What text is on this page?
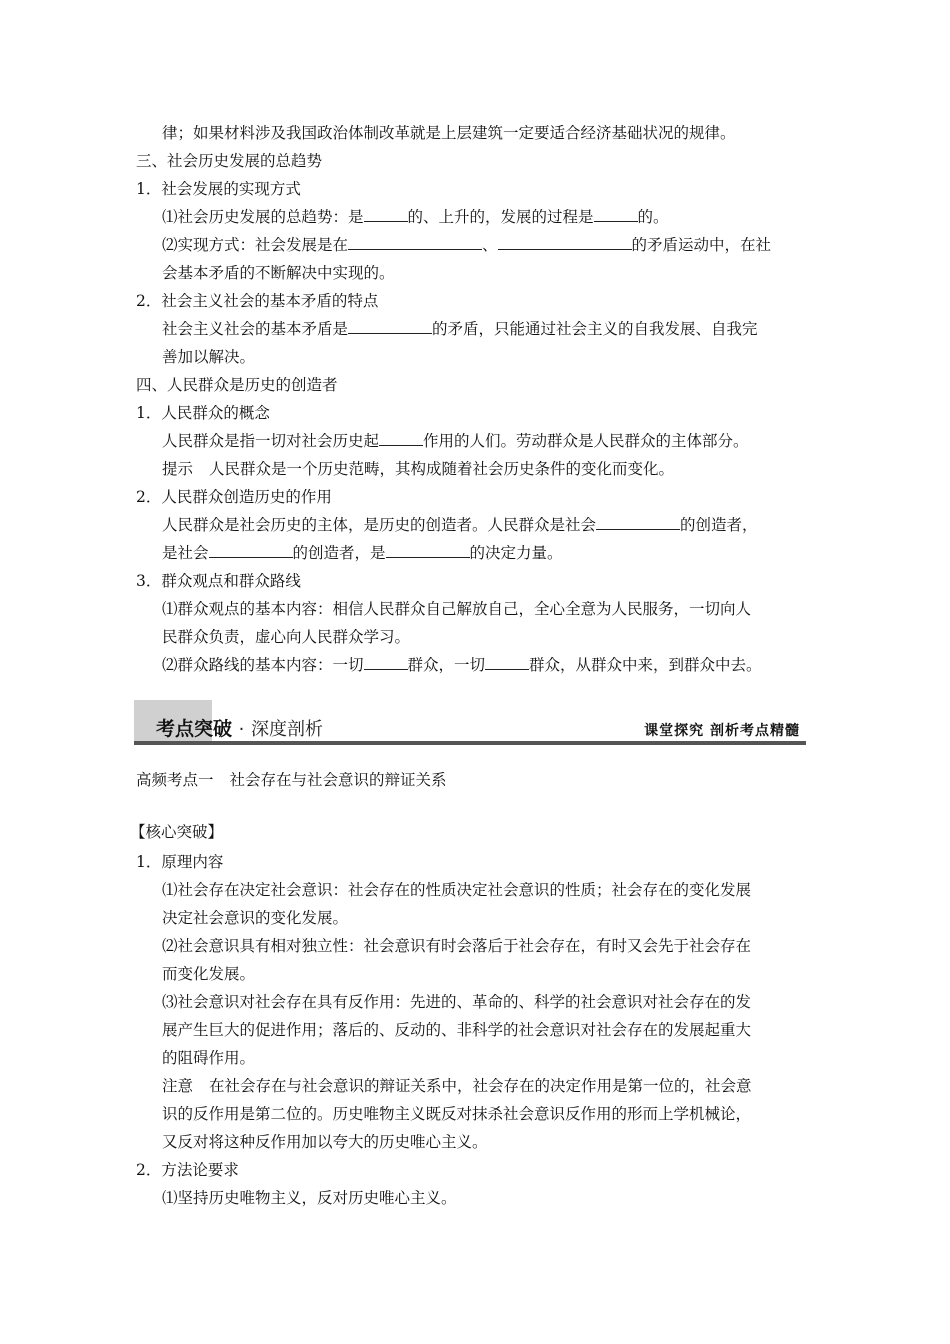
律；如果材料涉及我国政治体制改革就是上层建筑一定要适合经济基础状况的规律。
三、社会历史发展的总趋势
1．社会发展的实现方式
⑴社会历史发展的总趋势：是	的、上升的，发展的过程是	的。
⑵实现方式：社会发展是在	、	的矛盾运动中，在社
会基本矛盾的不断解决中实现的。
2．社会主义社会的基本矛盾的特点
社会主义社会的基本矛盾是	的矛盾，只能通过社会主义的自我发展、自我完
善加以解决。
四、人民群众是历史的创造者
1．人民群众的概念
人民群众是指一切对社会历史起	作用的人们。劳动群众是人民群众的主体部分。
提示 人民群众是一个历史范畴，其构成随着社会历史条件的变化而变化。
2．人民群众创造历史的作用
人民群众是社会历史的主体，是历史的创造者。人民群众是社会	的创造者，
是社会	的创造者，是	的决定力量。
3．群众观点和群众路线
⑴群众观点的基本内容：相信人民群众自己解放自己，全心全意为人民服务，一切向人
民群众负责，虚心向人民群众学习。
⑵群众路线的基本内容：一切	群众，一切	群众，从群众中来，到群众中去。
考点突破 · 深度剖析	课堂探究 剖析考点精髓
高频考点一 社会存在与社会意识的辩证关系
【核心突破】
1．原理内容
⑴社会存在决定社会意识：社会存在的性质决定社会意识的性质；社会存在的变化发展
决定社会意识的变化发展。
⑵社会意识具有相对独立性：社会意识有时会落后于社会存在，有时又会先于社会存在
而变化发展。
⑶社会意识对社会存在具有反作用：先进的、革命的、科学的社会意识对社会存在的发
展产生巨大的促进作用；落后的、反动的、非科学的社会意识对社会存在的发展起重大
的阻碍作用。
注意 在社会存在与社会意识的辩证关系中，社会存在的决定作用是第一位的，社会意
识的反作用是第二位的。历史唯物主义既反对抹杀社会意识反作用的形而上学机械论，
又反对将这种反作用加以夸大的历史唯心主义。
2．方法论要求
⑴坚持历史唯物主义，反对历史唯心主义。
